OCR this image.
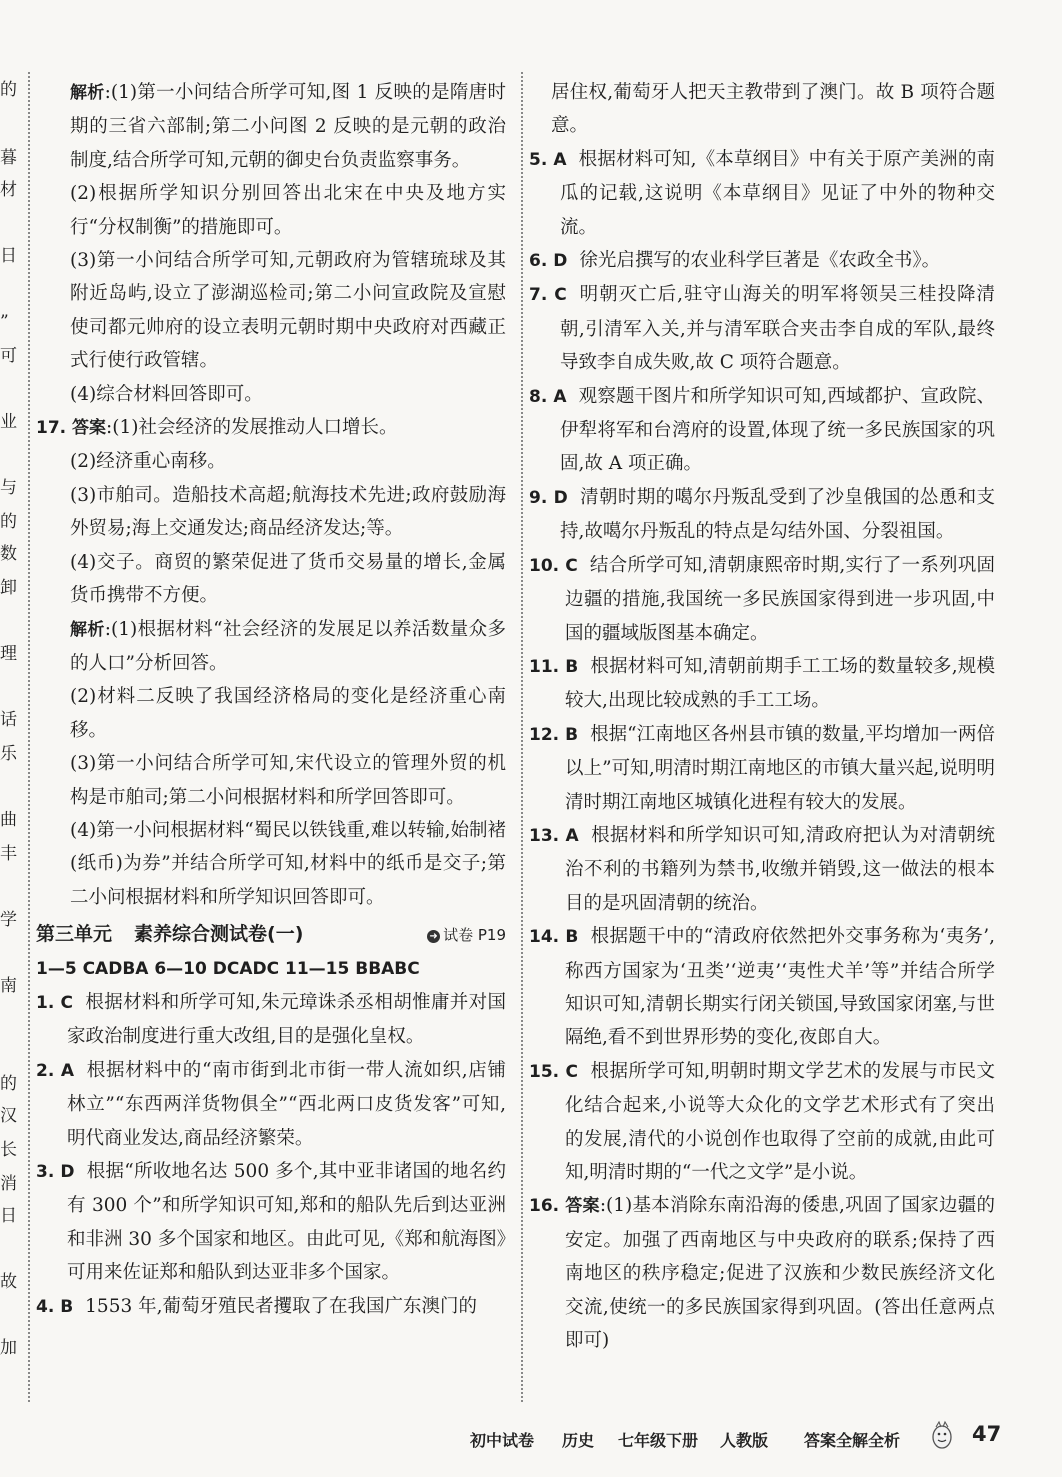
的
暮
材
日
”
可
业
与
的
数
卸
理
话
乐
曲
丰
学
南
的
汉
长
消
日
故
加

解析:(1)第一小问结合所学可知,图 1 反映的是隋唐时期的三省六部制;第二小问图 2 反映的是元朝的政治制度,结合所学可知,元朝的御史台负责监察事务。

(2)根据所学知识分别回答出北宋在中央及地方实行“分权制衡”的措施即可。

(3)第一小问结合所学可知,元朝政府为管辖琉球及其附近岛屿,设立了澎湖巡检司;第二小问宣政院及宣慰使司都元帅府的设立表明元朝时期中央政府对西藏正式行使行政管辖。

(4)综合材料回答即可。

17. 答案:(1)社会经济的发展推动人口增长。

(2)经济重心南移。

(3)市舶司。造船技术高超;航海技术先进;政府鼓励海外贸易;海上交通发达;商品经济发达;等。

(4)交子。商贸的繁荣促进了货币交易量的增长,金属货币携带不方便。

解析:(1)根据材料“社会经济的发展足以养活数量众多的人口”分析回答。

(2)材料二反映了我国经济格局的变化是经济重心南移。

(3)第一小问结合所学可知,宋代设立的管理外贸的机构是市舶司;第二小问根据材料和所学回答即可。

(4)第一小问根据材料“蜀民以铁钱重,难以转输,始制褚(纸币)为券”并结合所学可知,材料中的纸币是交子;第二小问根据材料和所学知识回答即可。

第三单元 素养综合测试卷(一)	➜ 试卷 P19

1—5 CADBA 6—10 DCADC 11—15 BBABC

1. C 根据材料和所学可知,朱元璋诛杀丞相胡惟庸并对国家政治制度进行重大改组,目的是强化皇权。

2. A 根据材料中的“南市街到北市街一带人流如织,店铺林立”“东西两洋货物俱全”“西北两口皮货发客”可知,明代商业发达,商品经济繁荣。

3. D 根据“所收地名达 500 多个,其中亚非诸国的地名约有 300 个”和所学知识可知,郑和的船队先后到达亚洲和非洲 30 多个国家和地区。由此可见,《郑和航海图》可用来佐证郑和船队到达亚非多个国家。

4. B 1553 年,葡萄牙殖民者攫取了在我国广东澳门的

居住权,葡萄牙人把天主教带到了澳门。故 B 项符合题意。

5. A 根据材料可知,《本草纲目》中有关于原产美洲的南瓜的记载,这说明《本草纲目》见证了中外的物种交流。

6. D 徐光启撰写的农业科学巨著是《农政全书》。

7. C 明朝灭亡后,驻守山海关的明军将领吴三桂投降清朝,引清军入关,并与清军联合夹击李自成的军队,最终导致李自成失败,故 C 项符合题意。

8. A 观察题干图片和所学知识可知,西域都护、宣政院、伊犁将军和台湾府的设置,体现了统一多民族国家的巩固,故 A 项正确。

9. D 清朝时期的噶尔丹叛乱受到了沙皇俄国的怂恿和支持,故噶尔丹叛乱的特点是勾结外国、分裂祖国。

10. C 结合所学可知,清朝康熙帝时期,实行了一系列巩固边疆的措施,我国统一多民族国家得到进一步巩固,中国的疆域版图基本确定。

11. B 根据材料可知,清朝前期手工工场的数量较多,规模较大,出现比较成熟的手工工场。

12. B 根据“江南地区各州县市镇的数量,平均增加一两倍以上”可知,明清时期江南地区的市镇大量兴起,说明明清时期江南地区城镇化进程有较大的发展。

13. A 根据材料和所学知识可知,清政府把认为对清朝统治不利的书籍列为禁书,收缴并销毁,这一做法的根本目的是巩固清朝的统治。

14. B 根据题干中的“清政府依然把外交事务称为‘夷务’,称西方国家为‘丑类’‘逆夷’‘夷性犬羊’等”并结合所学知识可知,清朝长期实行闭关锁国,导致国家闭塞,与世隔绝,看不到世界形势的变化,夜郎自大。

15. C 根据所学可知,明朝时期文学艺术的发展与市民文化结合起来,小说等大众化的文学艺术形式有了突出的发展,清代的小说创作也取得了空前的成就,由此可知,明清时期的“一代之文学”是小说。

16. 答案:(1)基本消除东南沿海的倭患,巩固了国家边疆的安定。加强了西南地区与中央政府的联系;保持了西南地区的秩序稳定;促进了汉族和少数民族经济文化交流,使统一的多民族国家得到巩固。(答出任意两点即可)

初中试卷 历史 七年级下册 人教版 答案全解全析	47
